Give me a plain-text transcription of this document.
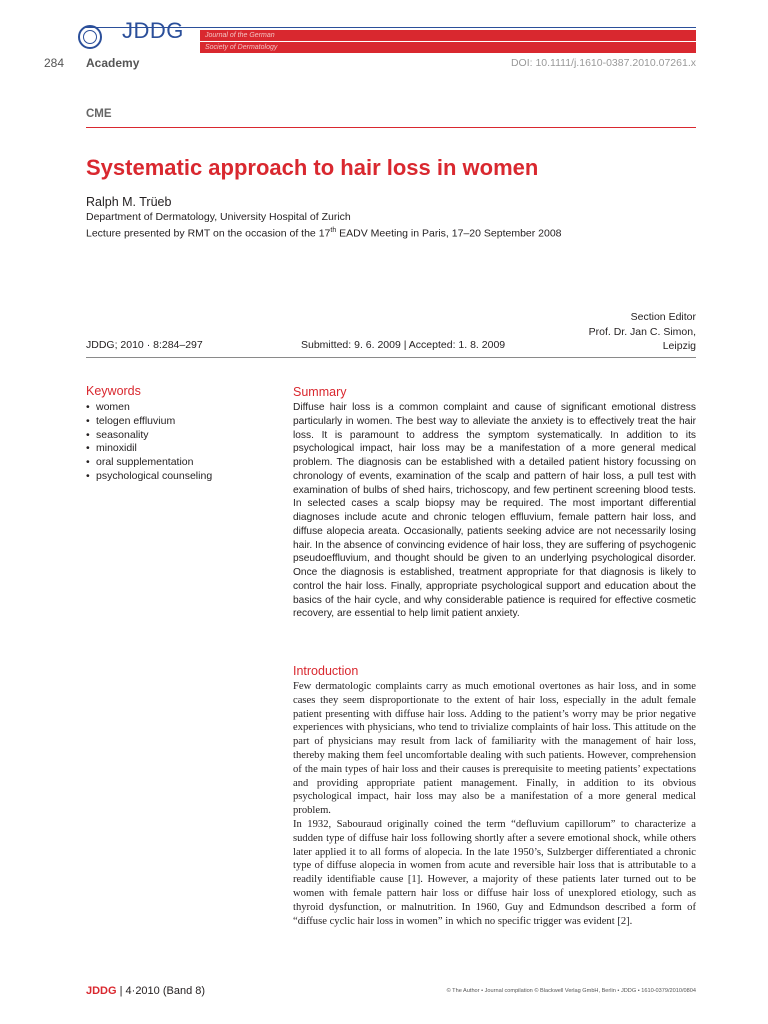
JDDG	Journal of the German
Society of Dermatology
284 Academy	DOI: 10.1111/j.1610-0387.2010.07261.x
CME
Systematic approach to hair loss in women
Ralph M. Trüeb
Department of Dermatology, University Hospital of Zurich
Lecture presented by RMT on the occasion of the 17th EADV Meeting in Paris, 17–20 September 2008
Section Editor
Prof. Dr. Jan C. Simon,
Leipzig
JDDG; 2010 · 8:284–297	Submitted: 9. 6. 2009 | Accepted: 1. 8. 2009
Keywords
• women
• telogen effluvium
• seasonality
• minoxidil
• oral supplementation
• psychological counseling
Summary

Diffuse hair loss is a common complaint and cause of significant emotional distress particularly in women. The best way to alleviate the anxiety is to effectively treat the hair loss. It is paramount to address the symptom systematically. In addition to its psychological impact, hair loss may be a manifestation of a more general medical problem. The diagnosis can be established with a detailed patient history focussing on chronology of events, examination of the scalp and pattern of hair loss, a pull test with examination of bulbs of shed hairs, trichoscopy, and few pertinent screening blood tests. In selected cases a scalp biopsy may be required. The most important differential diagnoses include acute and chronic telogen effluvium, female pattern hair loss, and diffuse alopecia areata. Occasionally, patients seeking advice are not necessarily losing hair. In the absence of convincing evidence of hair loss, they are suffering of psychogenic pseudoeffluvium, and thought should be given to an underlying psychological disorder. Once the diagnosis is established, treatment appropriate for that diagnosis is likely to control the hair loss. Finally, appropriate psychological support and education about the basics of the hair cycle, and why considerable patience is required for effective cosmetic recovery, are essential to help limit patient anxiety.

Introduction

Few dermatologic complaints carry as much emotional overtones as hair loss, and in some cases they seem disproportionate to the extent of hair loss, especially in the adult female patient presenting with diffuse hair loss. Adding to the patient’s worry may be prior negative experiences with physicians, who tend to trivialize complaints of hair loss. This attitude on the part of physicians may result from lack of familiarity with the management of hair loss, thereby making them feel uncomfortable dealing with such patients. However, comprehension of the main types of hair loss and their causes is prerequisite to meeting patients’ expectations and providing appropriate patient management. Finally, in addition to its obvious psychological impact, hair loss may also be a manifestation of a more general medical problem.

In 1932, Sabouraud originally coined the term “defluvium capillorum” to characterize a sudden type of diffuse hair loss following shortly after a severe emotional shock, while others later applied it to all forms of alopecia. In the late 1950’s, Sulzberger differentiated a chronic type of diffuse alopecia in women from acute and reversible hair loss that is attributable to a readily identifiable cause [1]. However, a majority of these patients later turned out to be women with female pattern hair loss or diffuse hair loss of unexplored etiology, such as thyroid dysfunction, or malnutrition. In 1960, Guy and Edmundson described a form of “diffuse cyclic hair loss in women” in which no specific trigger was evident [2].

JDDG | 4·2010 (Band 8)	© The Author • Journal compilation © Blackwell Verlag GmbH, Berlin • JDDG • 1610-0379/2010/0804
